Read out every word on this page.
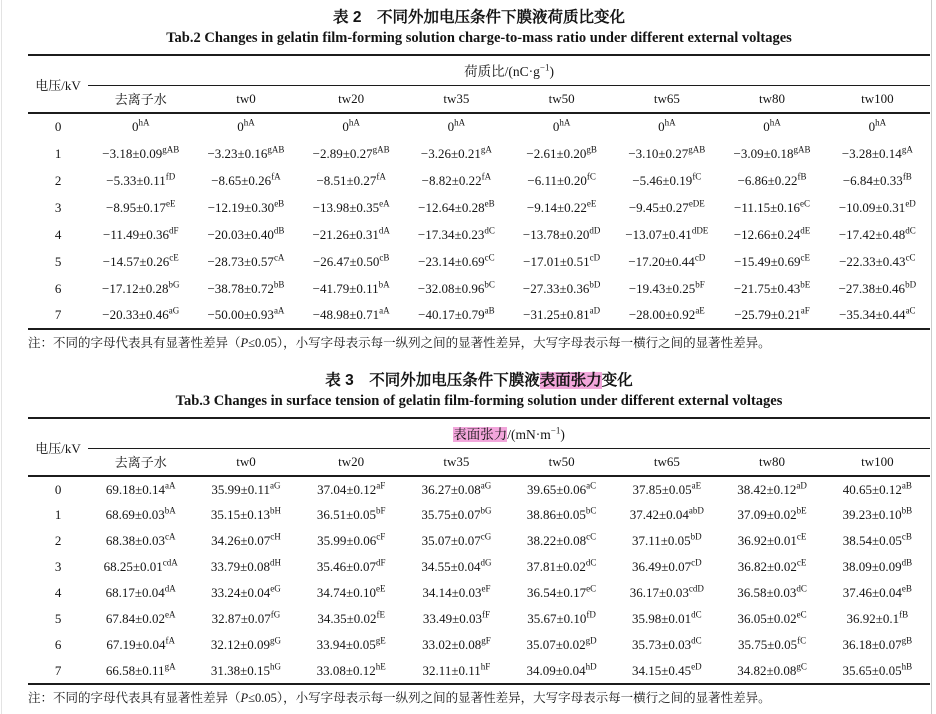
表 2　不同外加电压条件下膜液荷质比变化
Tab.2 Changes in gelatin film-forming solution charge-to-mass ratio under different external voltages
电压/kV	荷质比$/(nC\cdot g^{-1})$							
	去离子水	tw0	tw20	tw35	tw50	tw65	tw80	tw100
0	$0^{hA}$	$0^{hA}$	$0^{hA}$	$0^{hA}$	$0^{hA}$	$0^{hA}$	$0^{hA}$	$0^{hA}$
1	$-3.18\pm 0.09^{gAB}$	$-3.23\pm 0.16^{gAB}$	$-2.89\pm 0.27^{gAB}$	$-3.26\pm 0.21^{gA}$	$-2.61\pm 0.20^{gB}$	$-3.10\pm 0.27^{gAB}$	$-3.09\pm 0.18^{gAB}$	$-3.28\pm 0.14^{gA}$
2	$-5.33\pm 0.11^{fD}$	$-8.65\pm 0.26^{fA}$	$-8.51\pm 0.27^{fA}$	$-8.82\pm 0.22^{fA}$	$-6.11\pm 0.20^{fC}$	$-5.46\pm 0.19^{fC}$	$-6.86\pm 0.22^{fB}$	$-6.84\pm 0.33^{fB}$
3	$-8.95\pm 0.17^{eE}$	$-12.19\pm 0.30^{eB}$	$-13.98\pm 0.35^{eA}$	$-12.64\pm 0.28^{eB}$	$-9.14\pm 0.22^{eE}$	$-9.45\pm 0.27^{eDE}$	$-11.15\pm 0.16^{eC}$	$-10.09\pm 0.31^{eD}$
4	$-11.49\pm 0.36^{dF}$	$-20.03\pm 0.40^{dB}$	$-21.26\pm 0.31^{dA}$	$-17.34\pm 0.23^{dC}$	$-13.78\pm 0.20^{dD}$	$-13.07\pm 0.41^{dDE}$	−12.66±0.24dE	$-17.42\pm 0.48^{dC}$
5	$-14.57\pm 0.26^{cE}$	$-28.73\pm 0.57^{cA}$	$-26.47\pm 0.50^{cB}$	$-23.14\pm 0.69^{cC}$	$-17.01\pm 0.51^{cD}$	$-17.20\pm 0.44^{cD}$	$-15.49\pm 0.69^{cE}$	$-22.33\pm 0.43^{cC}$
6	$-17.12\pm 0.28^{bG}$	$-38.78\pm 0.72^{bB}$	$-41.79\pm 0.11^{bA}$	$-32.08\pm 0.96^{bC}$	$-27.33\pm 0.36^{bD}$	$-19.43\pm 0.25^{bF}$	$-21.75\pm 0.43^{bE}$	$-27.38\pm 0.46^{bD}$
7	$-20.33\pm 0.46^{aG}$	$-50.00\pm 0.93^{aA}$	$-48.98\pm 0.71^{aA}$	$-40.17\pm 0.79^{aB}$	$-31.25\pm 0.81^{aD}$	$-28.00\pm 0.92^{aE}$	$-25.79\pm 0.21^{aF}$	$-35.34\pm 0.44^{aC}$
注：不同的字母代表具有显著性差异（P≤0.05），小写字母表示每一纵列之间的显著性差异，大写字母表示每一横行之间的显著性差异。
表 3　不同外加电压条件下膜液表面张力变化
Tab.3 Changes in surface tension of gelatin film-forming solution under different external voltages
电压/kV	表面张力$/(mN\cdot m^{-1})$							
	去离子水	tw0	tw20	tw35	tw50	tw65	tw80	tw100
0	$69.18\pm 0.14^{aA}$	$35.99\pm 0.11^{aG}$	$37.04\pm 0.12^{aF}$	$36.27\pm 0.08^{aG}$	$39.65\pm 0.06^{aC}$	$37.85\pm 0.05^{aE}$	$38.42\pm 0.12^{aD}$	$40.65\pm 0.12^{aB}$
1	$68.69\pm 0.03^{bA}$	$35.15\pm 0.13^{bH}$	$36.51\pm 0.05^{bF}$	$35.75\pm 0.07^{bG}$	$38.86\pm 0.05^{bC}$	$37.42\pm 0.04^{abD}$	$37.09\pm 0.02^{bE}$	$39.23\pm 0.10^{bB}$
2	$68.38\pm 0.03^{cA}$	$34.26\pm 0.07^{cH}$	$35.99\pm 0.06^{cF}$	$35.07\pm 0.07^{cG}$	$38.22\pm 0.08^{cC}$	$37.11\pm 0.05^{bD}$	$36.92\pm 0.01^{cE}$	$38.54\pm 0.05^{cB}$
3	$68.25\pm 0.01^{cdA}$	$33.79\pm 0.08^{dH}$	$35.46\pm 0.07^{dF}$	$34.55\pm 0.04^{dG}$	$37.81\pm 0.02^{dC}$	$36.49\pm 0.07^{cD}$	$36.82\pm 0.02^{cE}$	$38.09\pm 0.09^{dB}$
4	$68.17\pm 0.04^{dA}$	$33.24\pm 0.04^{eG}$	$34.74\pm 0.10^{eE}$	$34.14\pm 0.03^{eF}$	$36.54\pm 0.17^{eC}$	$36.17\pm 0.03^{cdD}$	$36.58\pm 0.03^{dC}$	$37.46\pm 0.04^{eB}$
5	$67.84\pm 0.02^{eA}$	$32.87\pm 0.07^{fG}$	$34.35\pm 0.02^{fE}$	$33.49\pm 0.03^{fF}$	$35.67\pm 0.10^{fD}$	$35.98\pm 0.01^{dC}$	$36.05\pm 0.02^{eC}$	$36.92\pm 0.1^{fB}$
6	$67.19\pm 0.04^{fA}$	$32.12\pm 0.09^{gG}$	$33.94\pm 0.05^{gE}$	$33.02\pm 0.08^{gF}$	$35.07\pm 0.02^{gD}$	$35.73\pm 0.03^{dC}$	$35.75\pm 0.05^{fC}$	$36.18\pm 0.07^{gB}$
7	$66.58\pm 0.11^{gA}$	$31.38\pm 0.15^{hG}$	$33.08\pm 0.12^{hE}$	$32.11\pm 0.11^{hF}$	$34.09\pm 0.04^{hD}$	$34.15\pm 0.45^{eD}$	$34.82\pm 0.08^{gC}$	$35.65\pm 0.05^{hB}$
注：不同的字母代表具有显著性差异（P≤0.05），小写字母表示每一纵列之间的显著性差异，大写字母表示每一横行之间的显著性差异。
